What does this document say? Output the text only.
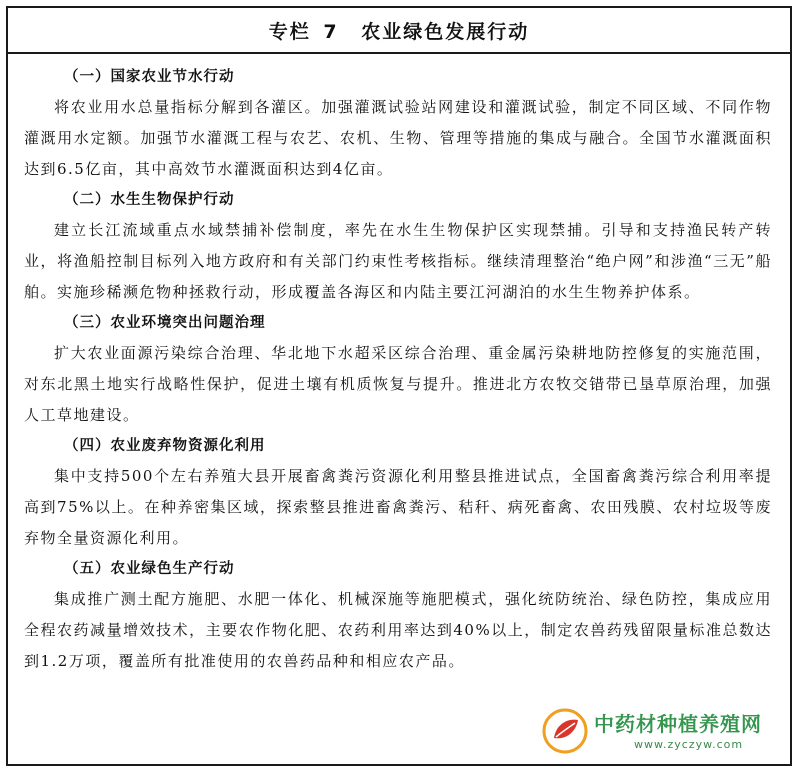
专栏 7 农业绿色发展行动
（一）国家农业节水行动

将农业用水总量指标分解到各灌区。加强灌溉试验站网建设和灌溉试验，制定不同区域、不同作物灌溉用水定额。加强节水灌溉工程与农艺、农机、生物、管理等措施的集成与融合。全国节水灌溉面积达到6.5亿亩，其中高效节水灌溉面积达到4亿亩。

（二）水生生物保护行动

建立长江流域重点水域禁捕补偿制度，率先在水生生物保护区实现禁捕。引导和支持渔民转产转业，将渔船控制目标列入地方政府和有关部门约束性考核指标。继续清理整治“绝户网”和涉渔“三无”船舶。实施珍稀濒危物种拯救行动，形成覆盖各海区和内陆主要江河湖泊的水生生物养护体系。

（三）农业环境突出问题治理

扩大农业面源污染综合治理、华北地下水超采区综合治理、重金属污染耕地防控修复的实施范围，对东北黑土地实行战略性保护，促进土壤有机质恢复与提升。推进北方农牧交错带已垦草原治理，加强人工草地建设。

（四）农业废弃物资源化利用

集中支持500个左右养殖大县开展畜禽粪污资源化利用整县推进试点，全国畜禽粪污综合利用率提高到75%以上。在种养密集区域，探索整县推进畜禽粪污、秸秆、病死畜禽、农田残膜、农村垃圾等废弃物全量资源化利用。

（五）农业绿色生产行动

集成推广测土配方施肥、水肥一体化、机械深施等施肥模式，强化统防统治、绿色防控，集成应用全程农药减量增效技术，主要农作物化肥、农药利用率达到40%以上，制定农兽药残留限量标准总数达到1.2万项，覆盖所有批准使用的农兽药品种和相应农产品。

中药材种植养殖网
www.zyczyw.com
